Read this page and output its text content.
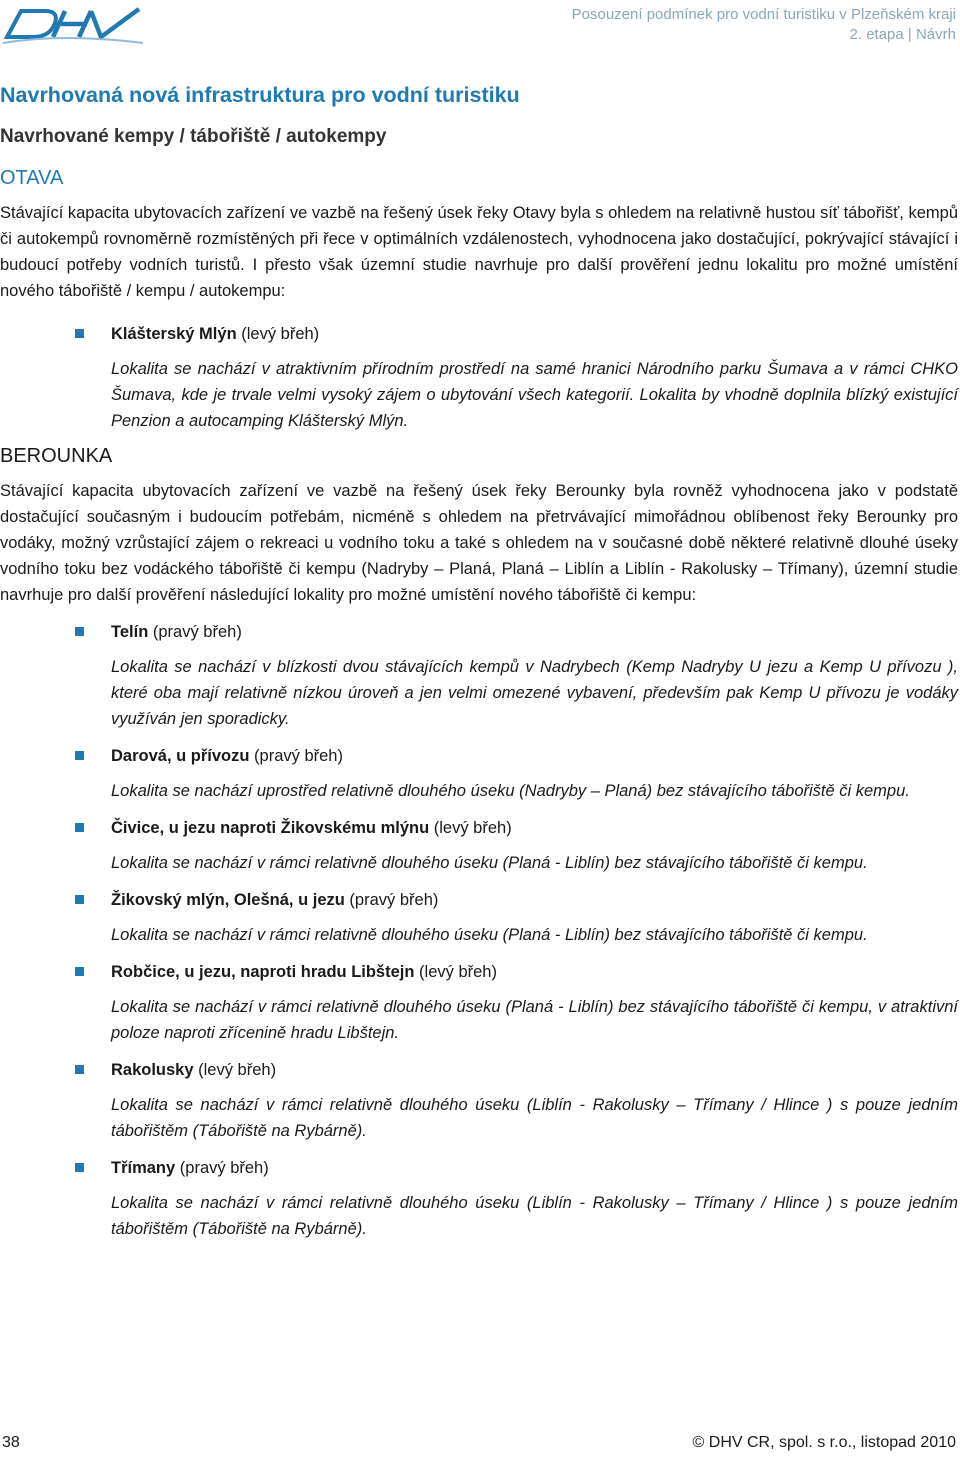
Posouzení podmínek pro vodní turistiku v Plzeňském kraji
2. etapa | Návrh
Navrhovaná nová infrastruktura pro vodní turistiku
Navrhované kempy / tábořiště / autokempy
OTAVA

Stávající kapacita ubytovacích zařízení ve vazbě na řešený úsek řeky Otavy byla s ohledem na relativně hustou síť tábořišť, kempů či autokempů rovnoměrně rozmístěných při řece v optimálních vzdálenostech, vyhodnocena jako dostačující, pokrývající stávající i budoucí potřeby vodních turistů. I přesto však územní studie navrhuje pro další prověření jednu lokalitu pro možné umístění nového tábořiště / kempu / autokempu:

Klášterský Mlýn (levý břeh)
Lokalita se nachází v atraktivním přírodním prostředí na samé hranici Národního parku Šumava a v rámci CHKO Šumava, kde je trvale velmi vysoký zájem o ubytování všech kategorií. Lokalita by vhodně doplnila blízký existující Penzion a autocamping Klášterský Mlýn.
BEROUNKA

Stávající kapacita ubytovacích zařízení ve vazbě na řešený úsek řeky Berounky byla rovněž vyhodnocena jako v podstatě dostačující současným i budoucím potřebám, nicméně s ohledem na přetrvávající mimořádnou oblíbenost řeky Berounky pro vodáky, možný vzrůstající zájem o rekreaci u vodního toku a také s ohledem na v současné době některé relativně dlouhé úseky vodního toku bez vodáckého tábořiště či kempu (Nadryby – Planá, Planá – Liblín a Liblín - Rakolusky – Třímany), územní studie navrhuje pro další prověření následující lokality pro možné umístění nového tábořiště či kempu:

Telín (pravý břeh)
Lokalita se nachází v blízkosti dvou stávajících kempů v Nadrybech (Kemp Nadryby U jezu a Kemp U přívozu ), které oba mají relativně nízkou úroveň a jen velmi omezené vybavení, především pak Kemp U přívozu je vodáky využíván jen sporadicky.
Darová, u přívozu (pravý břeh)
Lokalita se nachází uprostřed relativně dlouhého úseku (Nadryby – Planá) bez stávajícího tábořiště či kempu.
Čivice, u jezu naproti Žikovskému mlýnu (levý břeh)
Lokalita se nachází v rámci relativně dlouhého úseku (Planá - Liblín) bez stávajícího tábořiště či kempu.
Žikovský mlýn, Olešná, u jezu (pravý břeh)
Lokalita se nachází v rámci relativně dlouhého úseku (Planá - Liblín) bez stávajícího tábořiště či kempu.
Robčice, u jezu, naproti hradu Libštejn (levý břeh)
Lokalita se nachází v rámci relativně dlouhého úseku (Planá - Liblín) bez stávajícího tábořiště či kempu, v atraktivní poloze naproti zřícenině hradu Libštejn.
Rakolusky (levý břeh)
Lokalita se nachází v rámci relativně dlouhého úseku (Liblín - Rakolusky – Třímany / Hlince ) s pouze jedním tábořištěm (Tábořiště na Rybárně).
Třímany (pravý břeh)
Lokalita se nachází v rámci relativně dlouhého úseku (Liblín - Rakolusky – Třímany / Hlince ) s pouze jedním tábořištěm (Tábořiště na Rybárně).
38	© DHV CR, spol. s r.o., listopad 2010
